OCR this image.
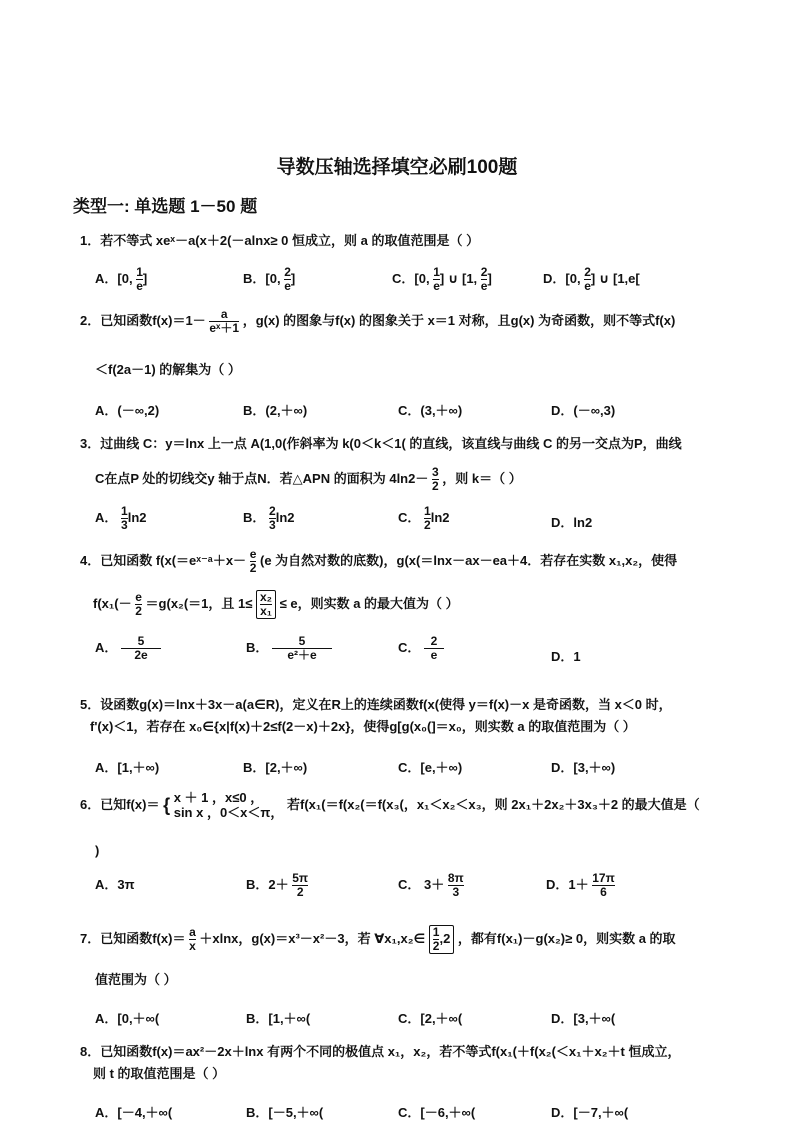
导数压轴选择填空必刷100题
类型一: 单选题 1－50 题
1．若不等式 xeˣ－a(x＋2(－alnx≥ 0 恒成立，则 a 的取值范围是（ ）
A．[0, $\frac{1}{e}$ ]	B．[0, $\frac{2}{e}$ ]	C．[0, $\frac{1}{e}$ ] ∪ [1, $\frac{2}{e}$ ]	D．[0, $\frac{2}{e}$ ] ∪ [1,e[
2．已知函数$f(x)=1- \frac{a}{\text{eˣ＋1}}$ ，g(x) 的图象与f(x) 的图象关于 x＝1 对称，且g(x) 为奇函数，则不等式f(x)
＜f(2a－1) 的解集为（ ）
A．(－∞,2)	B．(2,＋∞)	C．(3,＋∞)	D．(－∞,3)
3．过曲线 C：y＝lnx 上一点 A(1,0(作斜率为 k(0＜k＜1( 的直线，该直线与曲线 C 的另一交点为P，曲线
C在点P 处的切线交y 轴于点N．若△APN 的面积为 $4\ln 2- \frac{3}{2}$ ，则 k＝（ ）
A． $\frac{1}{3} \ln 2$	B． $\frac{2}{3} \ln 2$	C． $\frac{1}{2} \ln 2$	D．ln2
4．已知函数 f(x(＝eˣ⁻ᵃ＋x－ $\frac{e}{2} (e$ 为自然对数的底数)，g(x(＝lnx－ax－ea＋4．若存在实数 x₁,x₂，使得
$f(x_1(- \frac{e}{2} =g(x_2(=1$，且 $1\le \frac{\text{x₂}}{\text{x₁}} \le e$，则实数 a 的最大值为（ ）
A． $\frac{5}{2e}$	B． $\frac{5}{\text{e²＋e}}$	C． $\frac{2}{e}$	D．1
5．设函数g(x)＝lnx＋3x－a(a∈R)，定义在R上的连续函数f(x(使得 y＝f(x)－x 是奇函数，当 x＜0 时，
f'(x)＜1，若存在 x₀∈{x|f(x)＋2≤f(2－x)＋2x}，使得g[g(x₀(]＝x₀，则实数 a 的取值范围为（ ）
A．[1,＋∞)	B．[2,＋∞)	C．[e,＋∞)	D．[3,＋∞)
6．已知f(x)＝ { x ＋ 1 ，x≤0 ，
sin x ，0＜x＜π，
若f(x₁(＝f(x₂(＝f(x₃(，x₁＜x₂＜x₃，则 2x₁＋2x₂＋3x₃＋2 的最大值是（
)
A．3π	B．$2+ \frac{5\pi}{2}$	C． $3+ \frac{8\pi}{3}$	D．$1+ \frac{17\pi}{6}$
7．已知函数$f(x)= \frac{a}{x} +xlnx$，g(x)＝x³－x²－3，若 ∀x₁,x₂∈ $\frac{1}{2} ,2$ ，都有f(x₁)－g(x₂)≥ 0，则实数 a 的取
值范围为（ ）
A．[0,＋∞(	B．[1,＋∞(	C．[2,＋∞(	D．[3,＋∞(
8．已知函数f(x)＝ax²－2x＋lnx 有两个不同的极值点 x₁，x₂，若不等式f(x₁(＋f(x₂(＜x₁＋x₂＋t 恒成立，
则 t 的取值范围是（ ）
A．[－4,＋∞(	B．[－5,＋∞(	C．[－6,＋∞(	D．[－7,＋∞(
